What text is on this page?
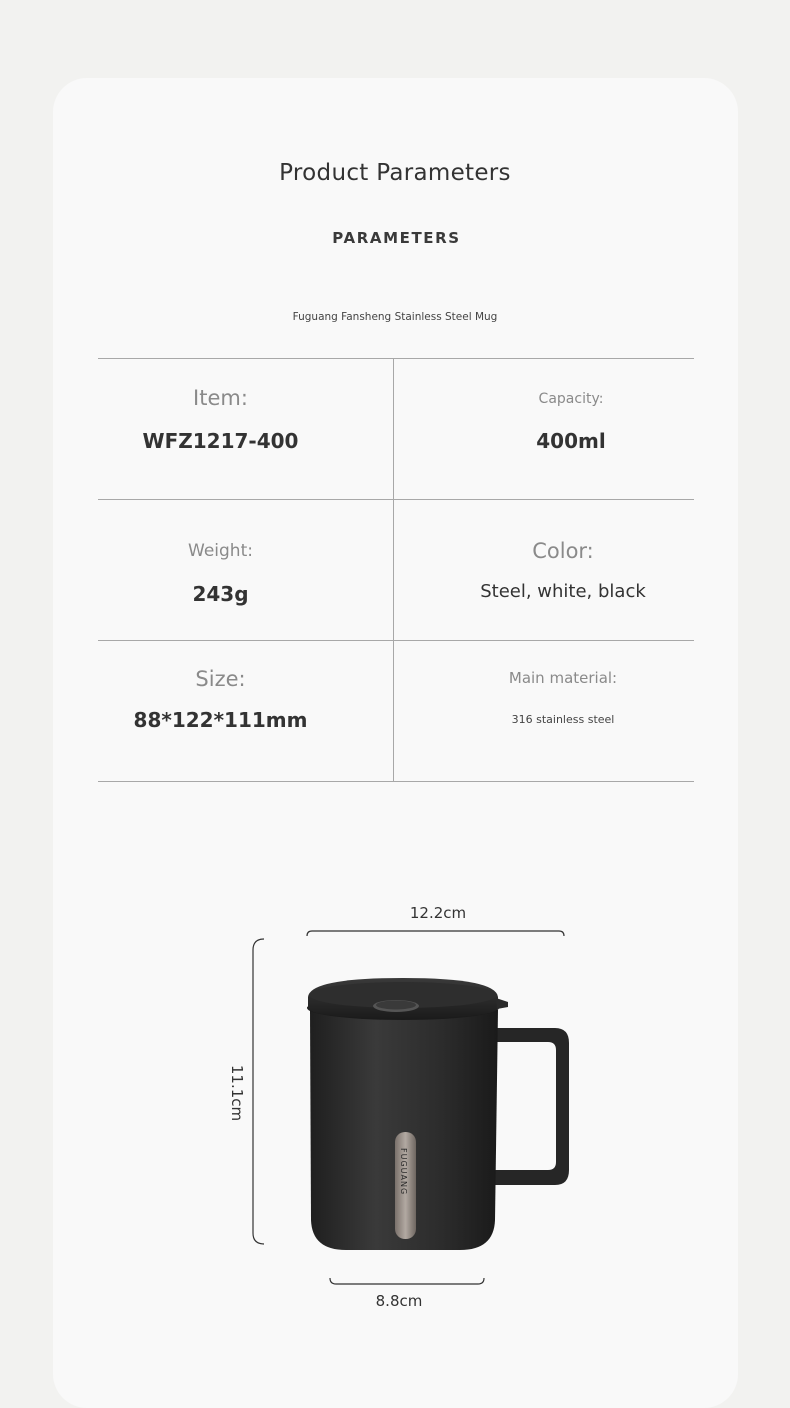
Product Parameters
PARAMETERS
Fuguang Fansheng Stainless Steel Mug
Item:
WFZ1217-400
Capacity:
400ml
Weight:
243g
Color:
Steel, white, black
Size:
88*122*111mm
Main material:
316 stainless steel
12.2cm
8.8cm
11.1cm
FUGUANG
